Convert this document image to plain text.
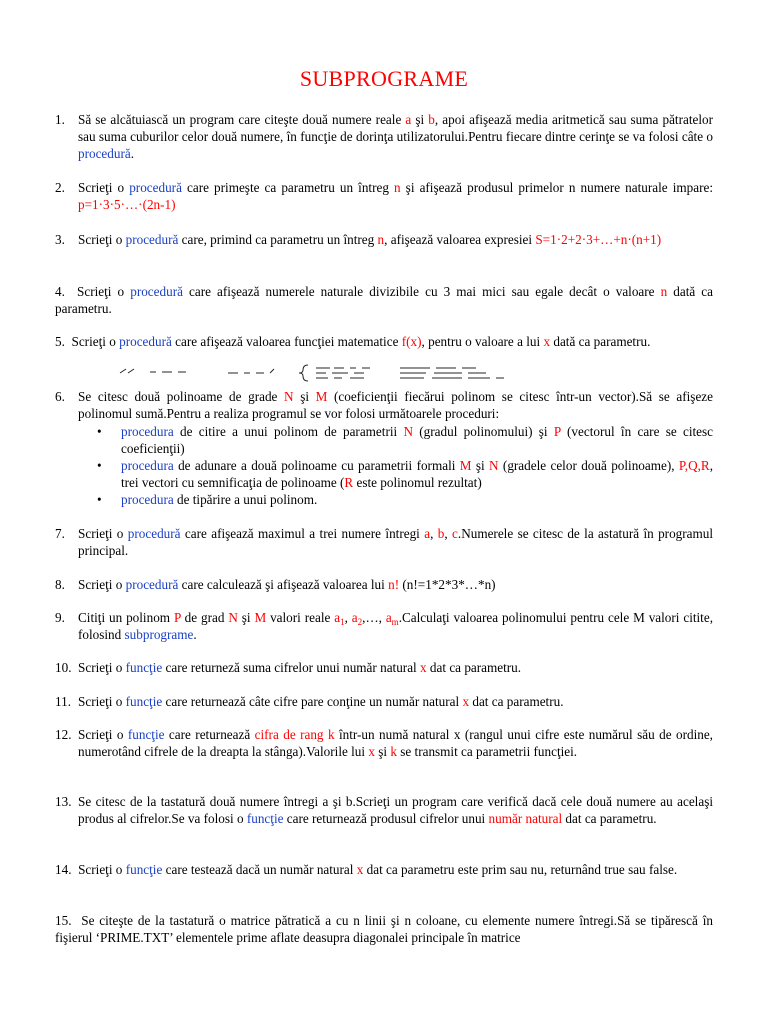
SUBPROGRAME
1. Să se alcătuiască un program care citeşte două numere reale a şi b, apoi afişează media aritmetică sau suma pătratelor sau suma cuburilor celor două numere, în funcţie de dorinţa utilizatorului.Pentru fiecare dintre cerinţe se va folosi câte o procedură.
2. Scrieţi o procedură care primeşte ca parametru un întreg n şi afişează produsul primelor n numere naturale impare: p=1·3·5·…·(2n-1)
3. Scrieţi o procedură care, primind ca parametru un întreg n, afişează valoarea expresiei S=1·2+2·3+…+n·(n+1)
4. Scrieţi o procedură care afişează numerele naturale divizibile cu 3 mai mici sau egale decât o valoare n dată ca parametru.
5. Scrieţi o procedură care afişează valoarea funcţiei matematice f(x), pentru o valoare a lui x dată ca parametru.
6. Se citesc două polinoame de grade N şi M (coeficienţii fiecărui polinom se citesc într-un vector).Să se afişeze polinomul sumă.Pentru a realiza programul se vor folosi următoarele proceduri:
•	procedura de citire a unui polinom de parametrii N (gradul polinomului) şi P (vectorul în care se citesc coeficienţii)
•	procedura de adunare a două polinoame cu parametrii formali M şi N (gradele celor două polinoame), P,Q,R, trei vectori cu semnificaţia de polinoame (R este polinomul rezultat)
•	procedura de tipărire a unui polinom.
7. Scrieţi o procedură care afişează maximul a trei numere întregi a, b, c.Numerele se citesc de la astatură în programul principal.
8. Scrieţi o procedură care calculează şi afişează valoarea lui n! (n!=1*2*3*…*n)
9. Citiţi un polinom P de grad N şi M valori reale $a_1$, $a_2,\dots$, $a_m.Calculaţi$ valoarea polinomului pentru cele M valori citite, folosind subprograme.
10. Scrieţi o funcţie care returneză suma cifrelor unui număr natural x dat ca parametru.
11. Scrieţi o funcţie care returnează câte cifre pare conţine un număr natural x dat ca parametru.
12. Scrieţi o funcţie care returnează cifra de rang k într-un numă natural x (rangul unui cifre este numărul său de ordine, numerotând cifrele de la dreapta la stânga).Valorile lui x şi k se transmit ca parametrii funcţiei.
13. Se citesc de la tastatură două numere întregi a şi b.Scrieţi un program care verifică dacă cele două numere au acelaşi produs al cifrelor.Se va folosi o funcţie care returnează produsul cifrelor unui număr natural dat ca parametru.
14. Scrieţi o funcţie care testează dacă un număr natural x dat ca parametru este prim sau nu, returnând true sau false.
15. Se citeşte de la tastatură o matrice pătratică a cu n linii şi n coloane, cu elemente numere întregi.Să se tipărescă în fişierul ‘PRIME.TXT’ elementele prime aflate deasupra diagonalei principale în matrice
